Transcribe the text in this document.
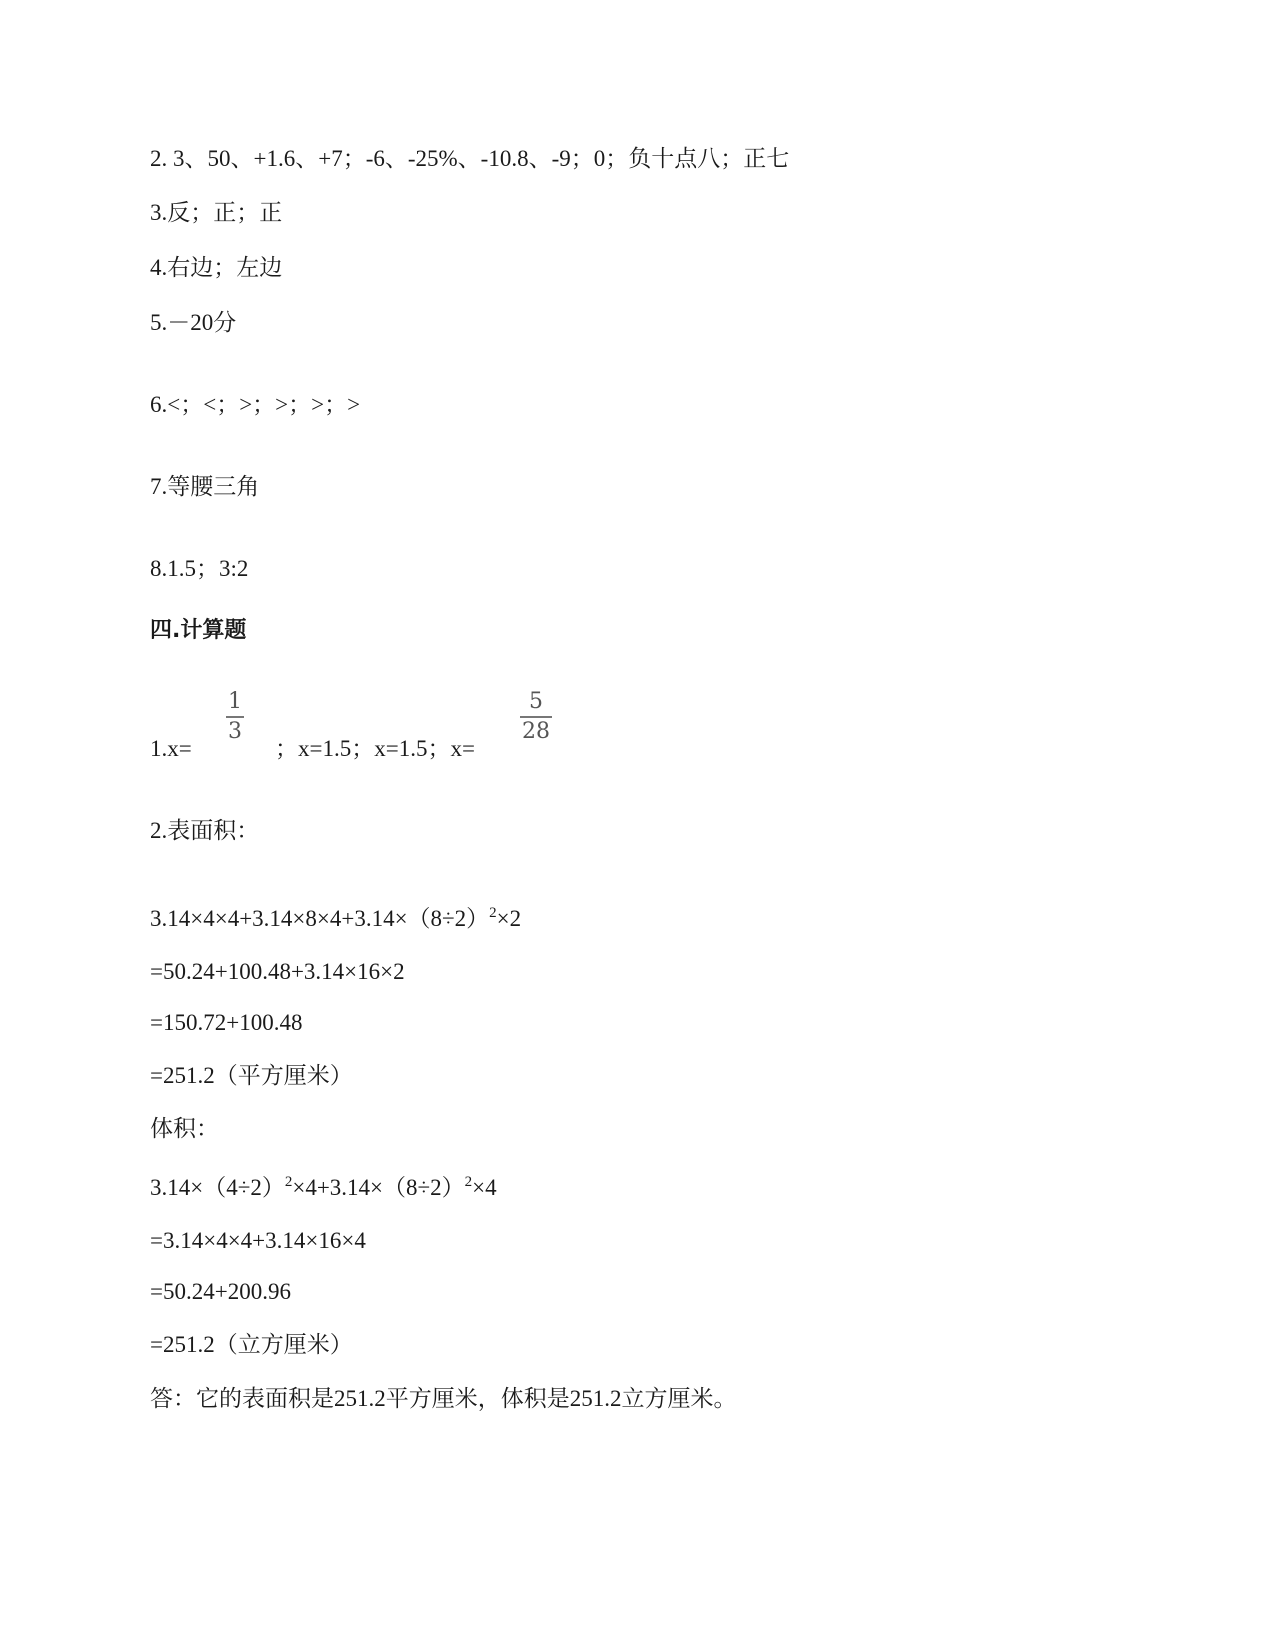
2. 3、50、+1.6、+7；-6、-25%、-10.8、-9；0；负十点八；正七
3.反；正；正
4.右边；左边
5.－20分
6.<；<；>；>；>；>
7.等腰三角
8.1.5；3:2
四.计算题
1.x=
1
3
；x=1.5；x=1.5；x=
5
28
2.表面积：
$3.14\times 4\times 4+3.14\times 8\times 4+3.14\times(8\div 2)^2\times 2$
=50.24+100.48+3.14×16×2
=150.72+100.48
=251.2（平方厘米）
体积：
$3.14\times(4\div 2)^2\times 4+3.14\times(8\div 2)^2\times 4$
=3.14×4×4+3.14×16×4
=50.24+200.96
=251.2（立方厘米）
答：它的表面积是251.2平方厘米，体积是251.2立方厘米。
